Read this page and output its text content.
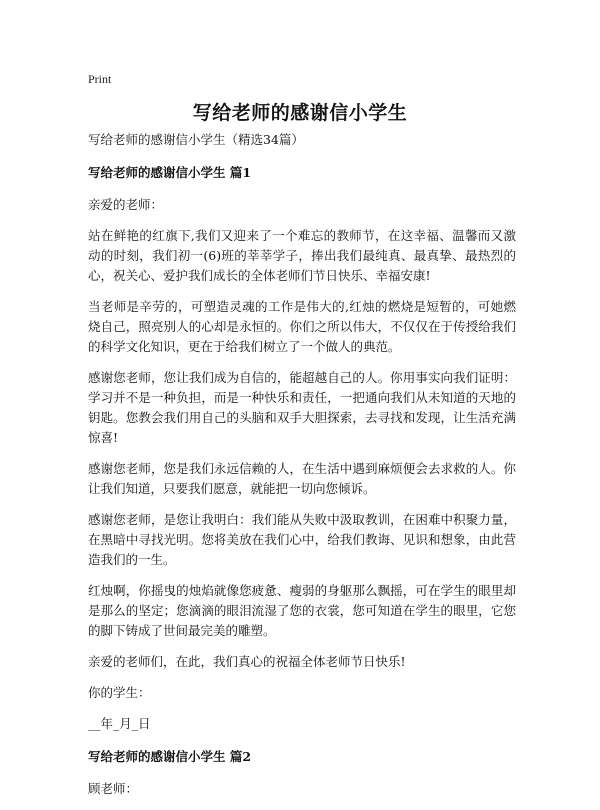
Print
写给老师的感谢信小学生

写给老师的感谢信小学生（精选34篇）

写给老师的感谢信小学生 篇1

亲爱的老师：

站在鲜艳的红旗下,我们又迎来了一个难忘的教师节，在这幸福、温馨而又激动的时刻，我们初一(6)班的莘莘学子，捧出我们最纯真、最真挚、最热烈的心，祝关心、爱护我们成长的全体老师们节日快乐、幸福安康!

当老师是辛劳的，可塑造灵魂的工作是伟大的,红烛的燃烧是短暂的，可她燃烧自己，照亮别人的心却是永恒的。你们之所以伟大，不仅仅在于传授给我们的科学文化知识，更在于给我们树立了一个做人的典范。

感谢您老师，您让我们成为自信的，能超越自己的人。你用事实向我们证明：学习并不是一种负担，而是一种快乐和责任，一把通向我们从未知道的天地的钥匙。您教会我们用自己的头脑和双手大胆探索，去寻找和发现，让生活充满惊喜!

感谢您老师，您是我们永远信赖的人，在生活中遇到麻烦便会去求救的人。你让我们知道，只要我们愿意，就能把一切向您倾诉。

感谢您老师，是您让我明白：我们能从失败中汲取教训，在困难中积聚力量，在黑暗中寻找光明。您将美放在我们心中，给我们教诲、见识和想象，由此营造我们的一生。

红烛啊，你摇曳的烛焰就像您疲惫、瘦弱的身躯那么飘摇，可在学生的眼里却是那么的坚定；您滴滴的眼泪流湿了您的衣裳，您可知道在学生的眼里，它您的脚下铸成了世间最完美的雕塑。

亲爱的老师们，在此，我们真心的祝福全体老师节日快乐!

你的学生：

__年_月_日

写给老师的感谢信小学生 篇2

顾老师：
